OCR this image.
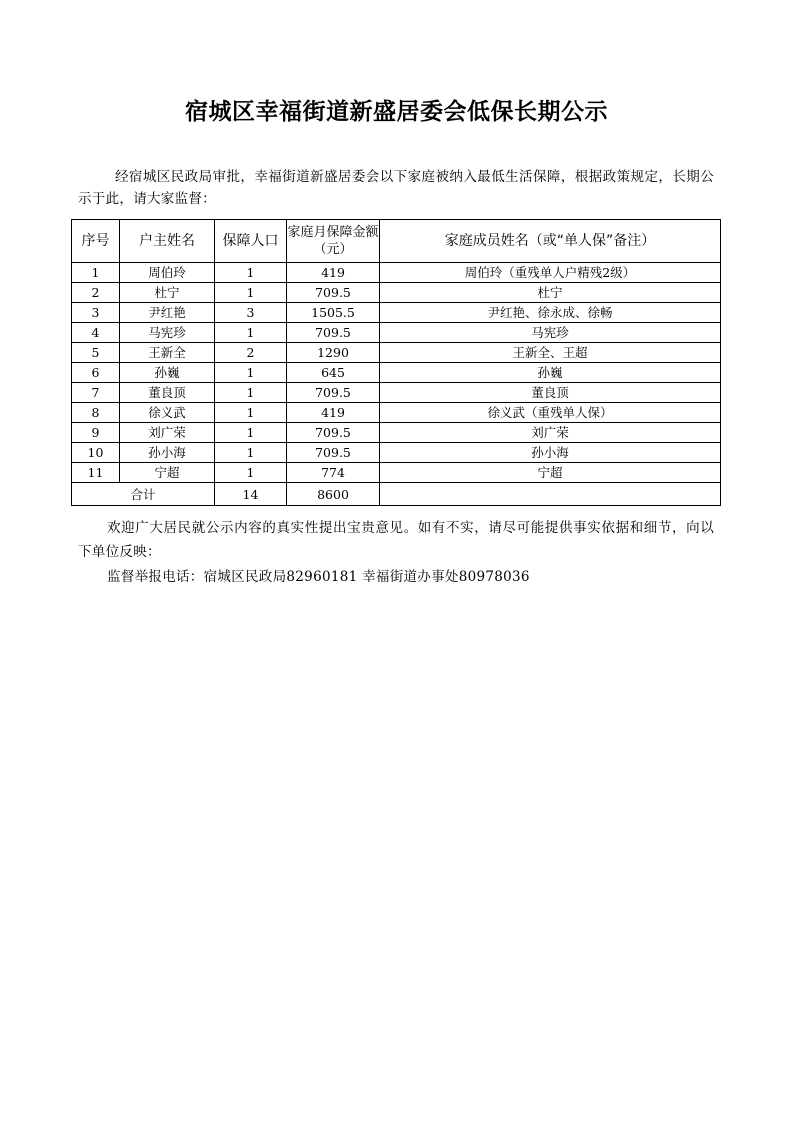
宿城区幸福街道新盛居委会低保长期公示
经宿城区民政局审批，幸福街道新盛居委会以下家庭被纳入最低生活保障，根据政策规定，长期公示于此，请大家监督：
序号	户主姓名	保障人口	家庭月保障金额（元）	家庭成员姓名（或“单人保”备注）
1	周伯玲	1	419	周伯玲（重残单人户精残2级）
2	杜宁	1	709.5	杜宁
3	尹红艳	3	1505.5	尹红艳、徐永成、徐畅
4	马宪珍	1	709.5	马宪珍
5	王新全	2	1290	王新全、王超
6	孙巍	1	645	孙巍
7	董良顶	1	709.5	董良顶
8	徐义武	1	419	徐义武（重残单人保）
9	刘广荣	1	709.5	刘广荣
10	孙小海	1	709.5	孙小海
11	宁超	1	774	宁超
合计		14	8600	
欢迎广大居民就公示内容的真实性提出宝贵意见。如有不实，请尽可能提供事实依据和细节，向以下单位反映：
监督举报电话：宿城区民政局82960181 幸福街道办事处80978036
